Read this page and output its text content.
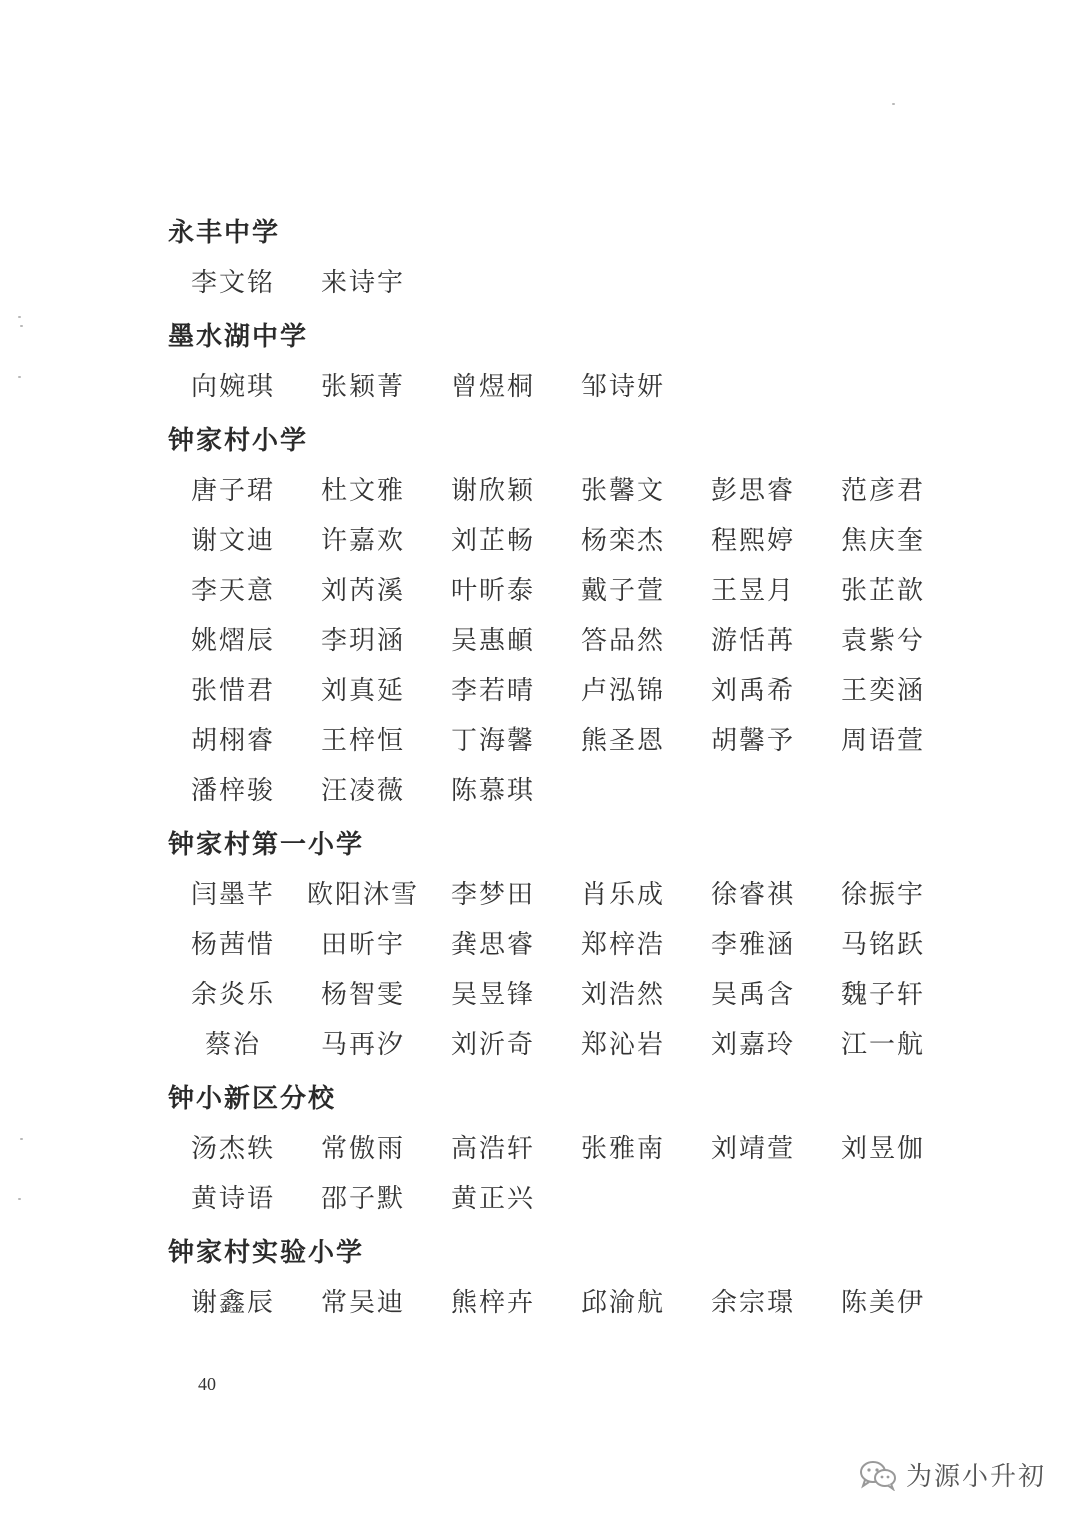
永丰中学
李文铭	来诗宇
墨水湖中学
向婉琪	张颖菁	曾煜桐	邹诗妍
钟家村小学
唐子珺	杜文雅	谢欣颖	张馨文	彭思睿	范彦君
谢文迪	许嘉欢	刘芷畅	杨栾杰	程熙婷	焦庆奎
李天意	刘芮溪	叶昕泰	戴子萱	王昱月	张芷歆
姚熠辰	李玥涵	吴惠頔	答品然	游恬苒	袁紫兮
张惜君	刘真延	李若晴	卢泓锦	刘禹希	王奕涵
胡栩睿	王梓恒	丁海馨	熊圣恩	胡馨予	周语萱
潘梓骏	汪凌薇	陈慕琪
钟家村第一小学
闫墨芊	欧阳沐雪	李梦田	肖乐成	徐睿祺	徐振宇
杨茜惜	田昕宇	龚思睿	郑梓浩	李雅涵	马铭跃
余炎乐	杨智雯	吴昱锋	刘浩然	吴禹含	魏子轩
蔡治	马再汐	刘沂奇	郑沁岩	刘嘉玲	江一航
钟小新区分校
汤杰轶	常傲雨	高浩轩	张雅南	刘靖萱	刘昱伽
黄诗语	邵子默	黄正兴
钟家村实验小学
谢鑫辰	常吴迪	熊梓卉	邱渝航	余宗璟	陈美伊
40
为源小升初
